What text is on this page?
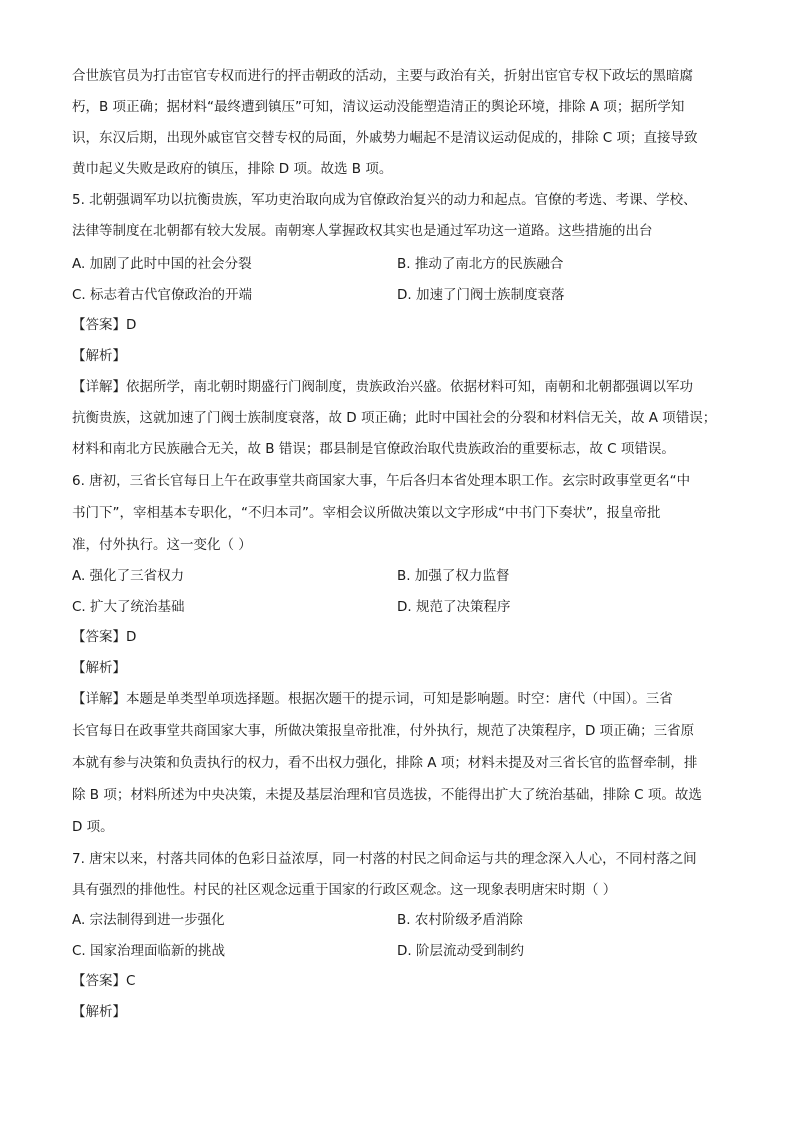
合世族官员为打击宦官专权而进行的抨击朝政的活动，主要与政治有关，折射出宦官专权下政坛的黑暗腐
朽，B 项正确；据材料“最终遭到镇压”可知，清议运动没能塑造清正的舆论环境，排除 A 项；据所学知
识，东汉后期，出现外戚宦官交替专权的局面，外戚势力崛起不是清议运动促成的，排除 C 项；直接导致
黄巾起义失败是政府的镇压，排除 D 项。故选 B 项。
5. 北朝强调军功以抗衡贵族，军功吏治取向成为官僚政治复兴的动力和起点。官僚的考选、考课、学校、
法律等制度在北朝都有较大发展。南朝寒人掌握政权其实也是通过军功这一道路。这些措施的出台
A. 加剧了此时中国的社会分裂	B. 推动了南北方的民族融合
C. 标志着古代官僚政治的开端	D. 加速了门阀士族制度衰落
【答案】D
【解析】
【详解】依据所学，南北朝时期盛行门阀制度，贵族政治兴盛。依据材料可知，南朝和北朝都强调以军功
抗衡贵族，这就加速了门阀士族制度衰落，故 D 项正确；此时中国社会的分裂和材料信无关，故 A 项错误；
材料和南北方民族融合无关，故 B 错误；郡县制是官僚政治取代贵族政治的重要标志，故 C 项错误。
6. 唐初，三省长官每日上午在政事堂共商国家大事，午后各归本省处理本职工作。玄宗时政事堂更名“中
书门下”，宰相基本专职化，“不归本司”。宰相会议所做决策以文字形成“中书门下奏状”，报皇帝批
准，付外执行。这一变化（ ）
A. 强化了三省权力	B. 加强了权力监督
C. 扩大了统治基础	D. 规范了决策程序
【答案】D
【解析】
【详解】本题是单类型单项选择题。根据次题干的提示词，可知是影响题。时空：唐代（中国）。三省
长官每日在政事堂共商国家大事，所做决策报皇帝批准，付外执行，规范了决策程序，D 项正确；三省原
本就有参与决策和负责执行的权力，看不出权力强化，排除 A 项；材料未提及对三省长官的监督牵制，排
除 B 项；材料所述为中央决策，未提及基层治理和官员选拔，不能得出扩大了统治基础，排除 C 项。故选
D 项。
7. 唐宋以来，村落共同体的色彩日益浓厚，同一村落的村民之间命运与共的理念深入人心，不同村落之间
具有强烈的排他性。村民的社区观念远重于国家的行政区观念。这一现象表明唐宋时期（ ）
A. 宗法制得到进一步强化	B. 农村阶级矛盾消除
C. 国家治理面临新的挑战	D. 阶层流动受到制约
【答案】C
【解析】
